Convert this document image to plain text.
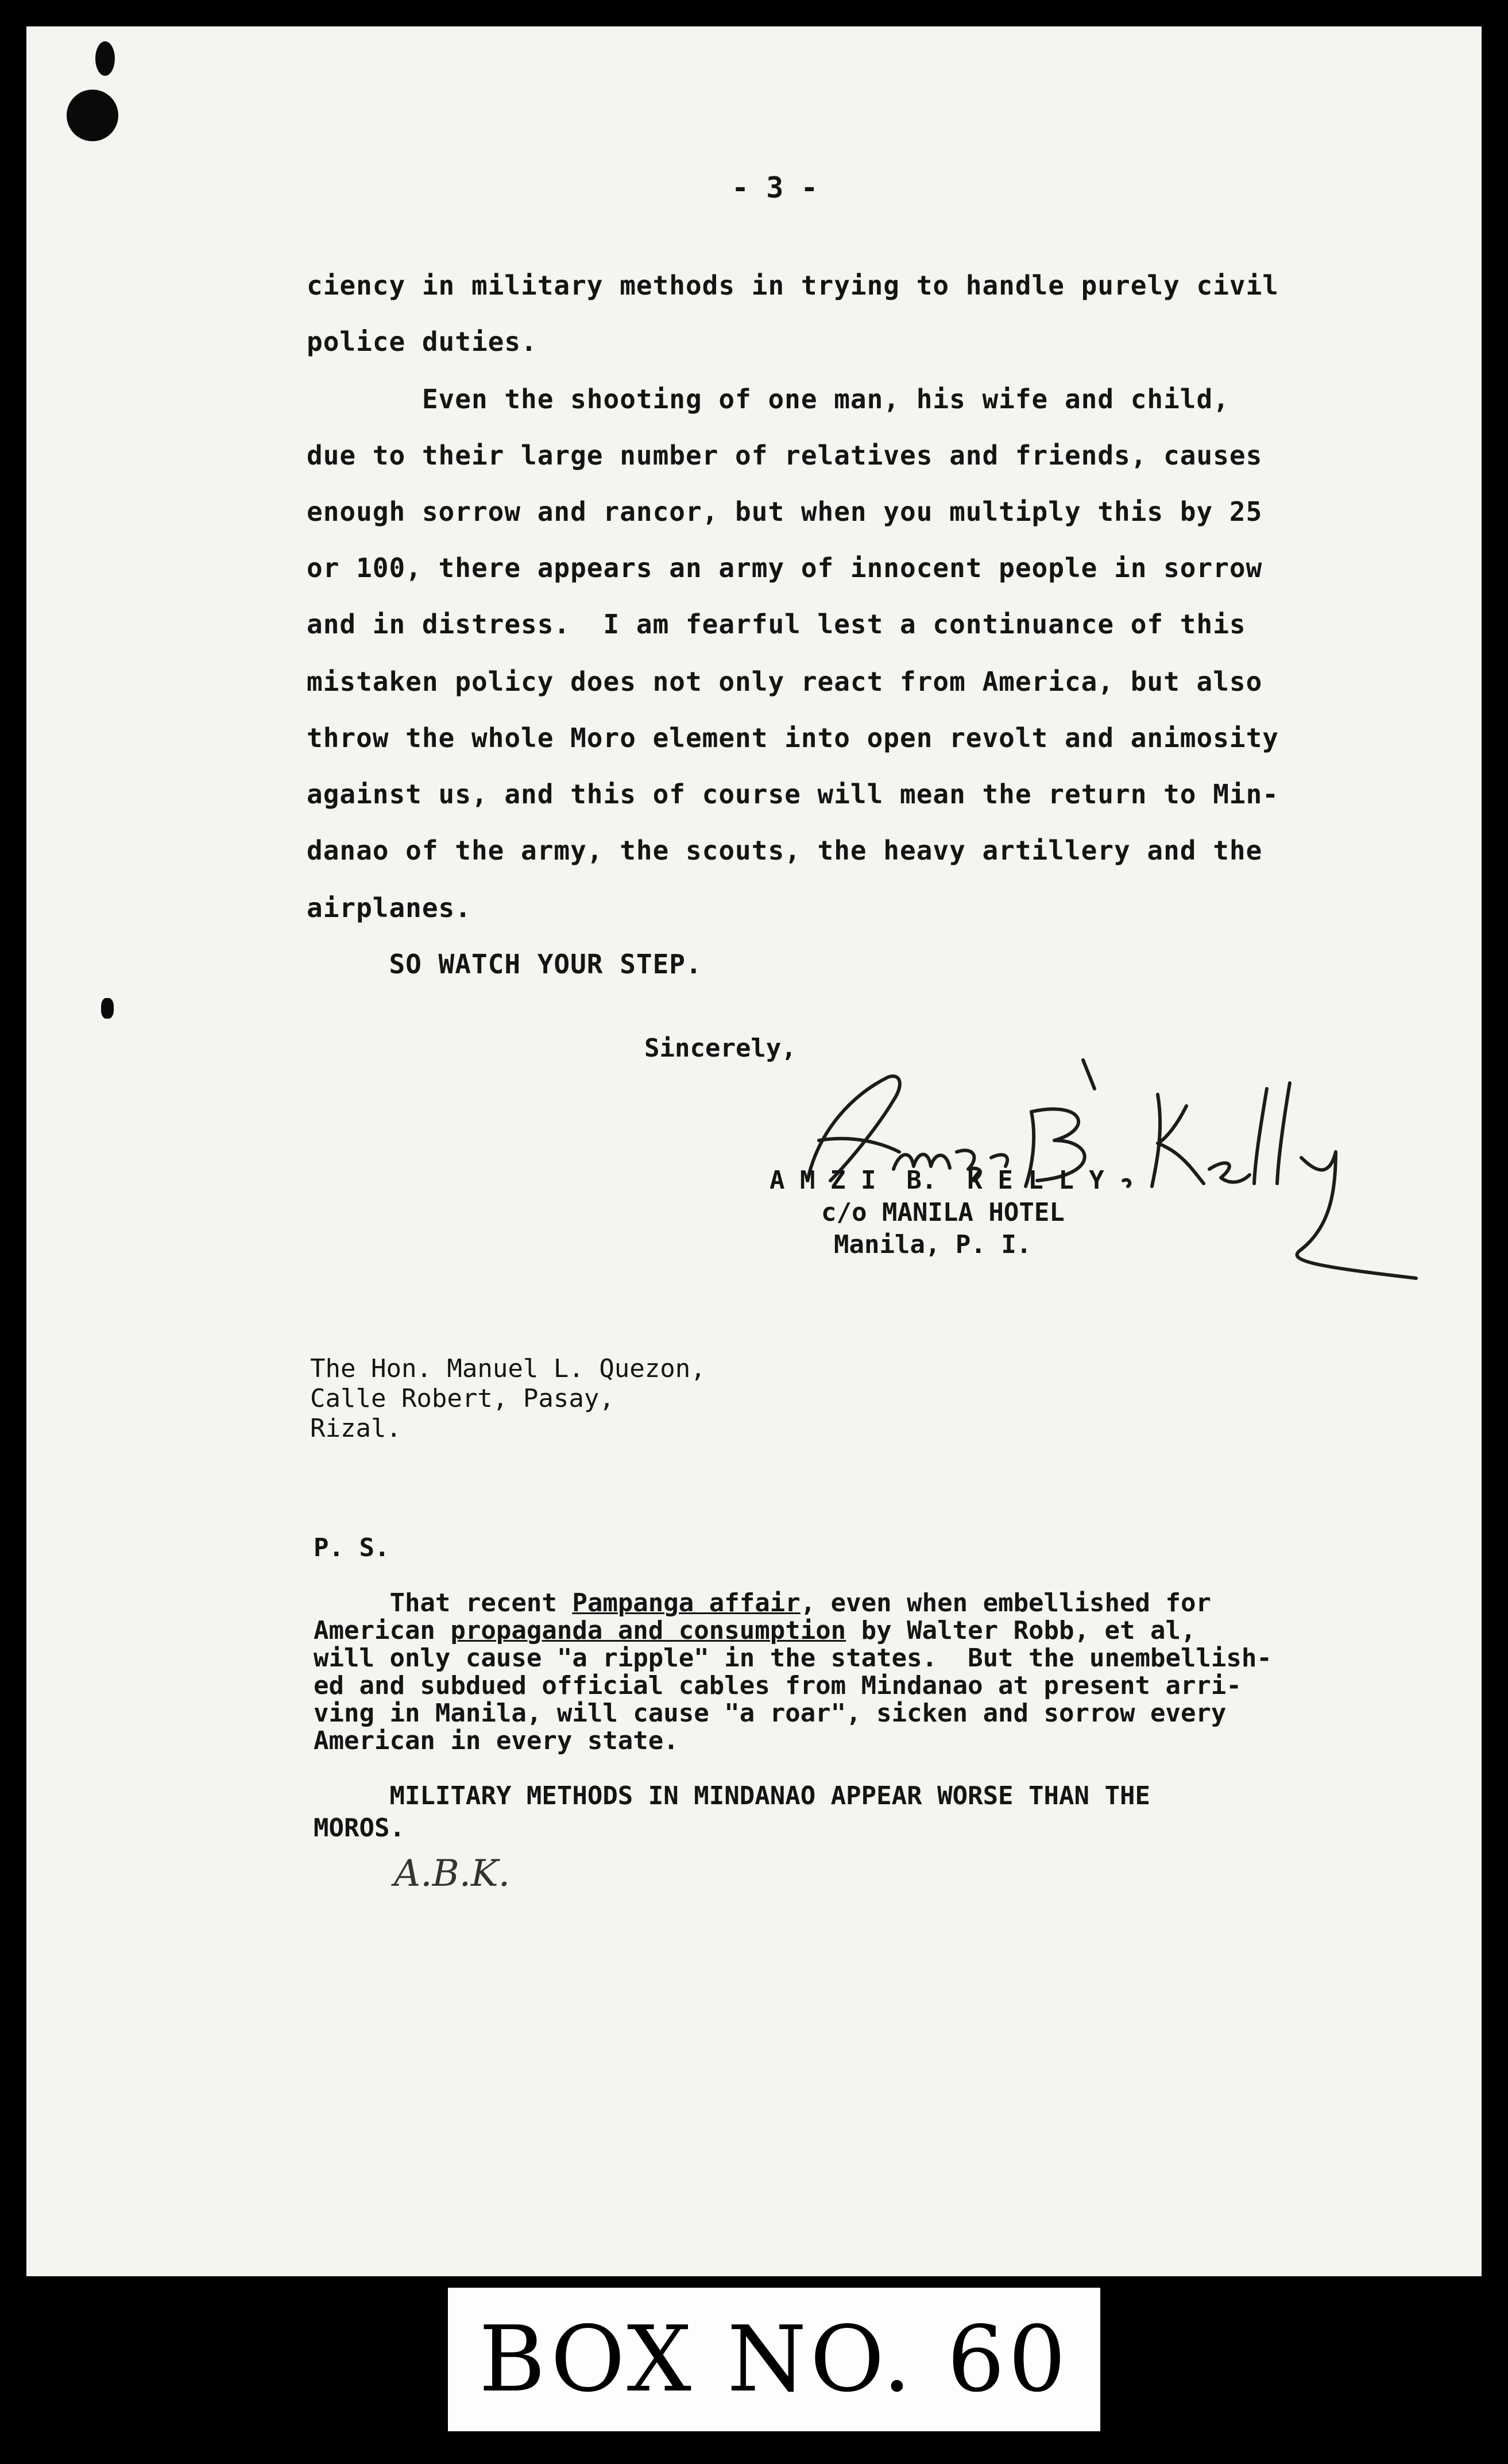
- 3 -
ciency in military methods in trying to handle purely civil
police duties.
Even the shooting of one man, his wife and child,
due to their large number of relatives and friends, causes
enough sorrow and rancor, but when you multiply this by 25
or 100, there appears an army of innocent people in sorrow
and in distress.  I am fearful lest a continuance of this
mistaken policy does not only react from America, but also
throw the whole Moro element into open revolt and animosity
against us, and this of course will mean the return to Min-
danao of the army, the scouts, the heavy artillery and the
airplanes.
SO WATCH YOUR STEP.
Sincerely,
A M Z I  B.  K E L L Y
c/o MANILA HOTEL
Manila, P. I.
The Hon. Manuel L. Quezon,
Calle Robert, Pasay,
Rizal.
P. S.
That recent Pampanga affair, even when embellished for
American propaganda and consumption by Walter Robb, et al,
will only cause "a ripple" in the states.  But the unembellish-
ed and subdued official cables from Mindanao at present arri-
ving in Manila, will cause "a roar", sicken and sorrow every
American in every state.
MILITARY METHODS IN MINDANAO APPEAR WORSE THAN THE
MOROS.
A.B.K.
BOX NO. 60
